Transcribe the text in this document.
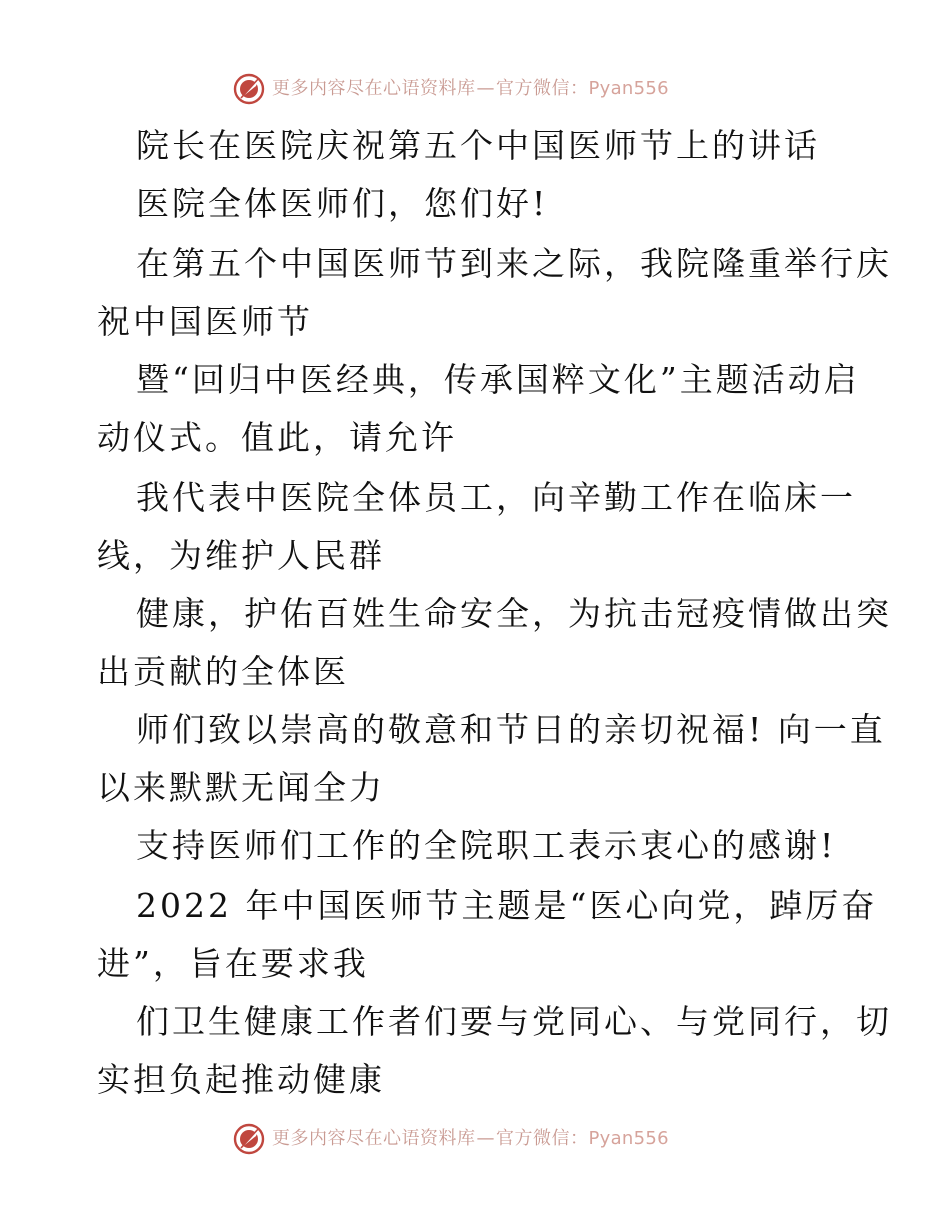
更多内容尽在心语资料库—官方微信：Pyan556
院长在医院庆祝第五个中国医师节上的讲话
医院全体医师们，您们好!
在第五个中国医师节到来之际，我院隆重举行庆
祝中国医师节
暨“回归中医经典，传承国粹文化”主题活动启
动仪式。值此，请允许
我代表中医院全体员工，向辛勤工作在临床一
线，为维护人民群
健康，护佑百姓生命安全，为抗击冠疫情做出突
出贡献的全体医
师们致以崇高的敬意和节日的亲切祝福! 向一直
以来默默无闻全力
支持医师们工作的全院职工表示衷心的感谢!
2022 年中国医师节主题是“医心向党，踔厉奋
进”，旨在要求我
们卫生健康工作者们要与党同心、与党同行，切
实担负起推动健康
更多内容尽在心语资料库—官方微信：Pyan556
